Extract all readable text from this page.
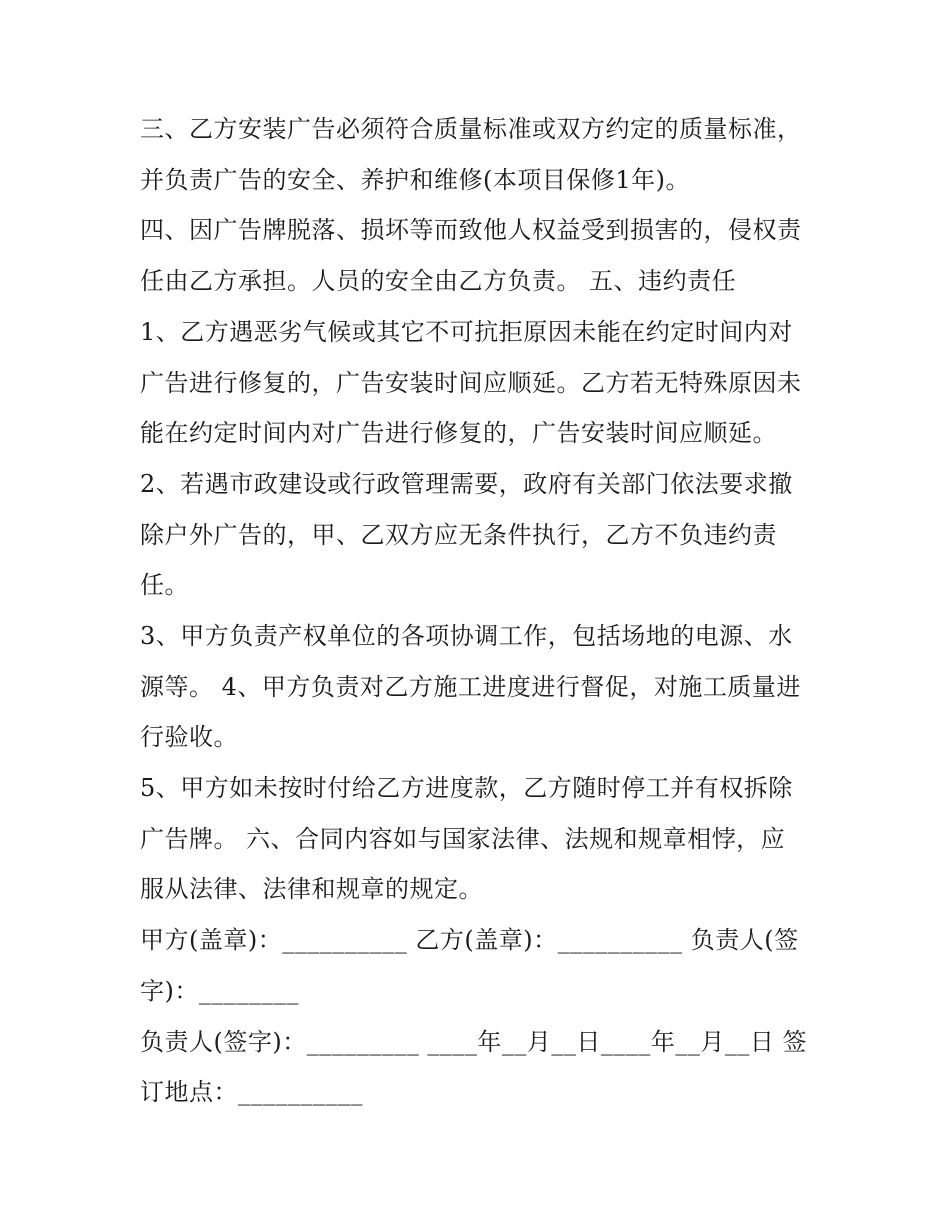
三、乙方安装广告必须符合质量标准或双方约定的质量标准，

并负责广告的安全、养护和维修(本项目保修1年)。

四、因广告牌脱落、损坏等而致他人权益受到损害的，侵权责

任由乙方承担。人员的安全由乙方负责。 五、违约责任

1、乙方遇恶劣气候或其它不可抗拒原因未能在约定时间内对

广告进行修复的，广告安装时间应顺延。乙方若无特殊原因未

能在约定时间内对广告进行修复的，广告安装时间应顺延。

2、若遇市政建设或行政管理需要，政府有关部门依法要求撤

除户外广告的，甲、乙双方应无条件执行，乙方不负违约责

任。

3、甲方负责产权单位的各项协调工作，包括场地的电源、水

源等。 4、甲方负责对乙方施工进度进行督促，对施工质量进

行验收。

5、甲方如未按时付给乙方进度款，乙方随时停工并有权拆除

广告牌。 六、合同内容如与国家法律、法规和规章相悖，应

服从法律、法律和规章的规定。

甲方(盖章)：__________ 乙方(盖章)：__________ 负责人(签

字)：________

负责人(签字)：_________ ____年__月__日____年__月__日 签

订地点：__________
